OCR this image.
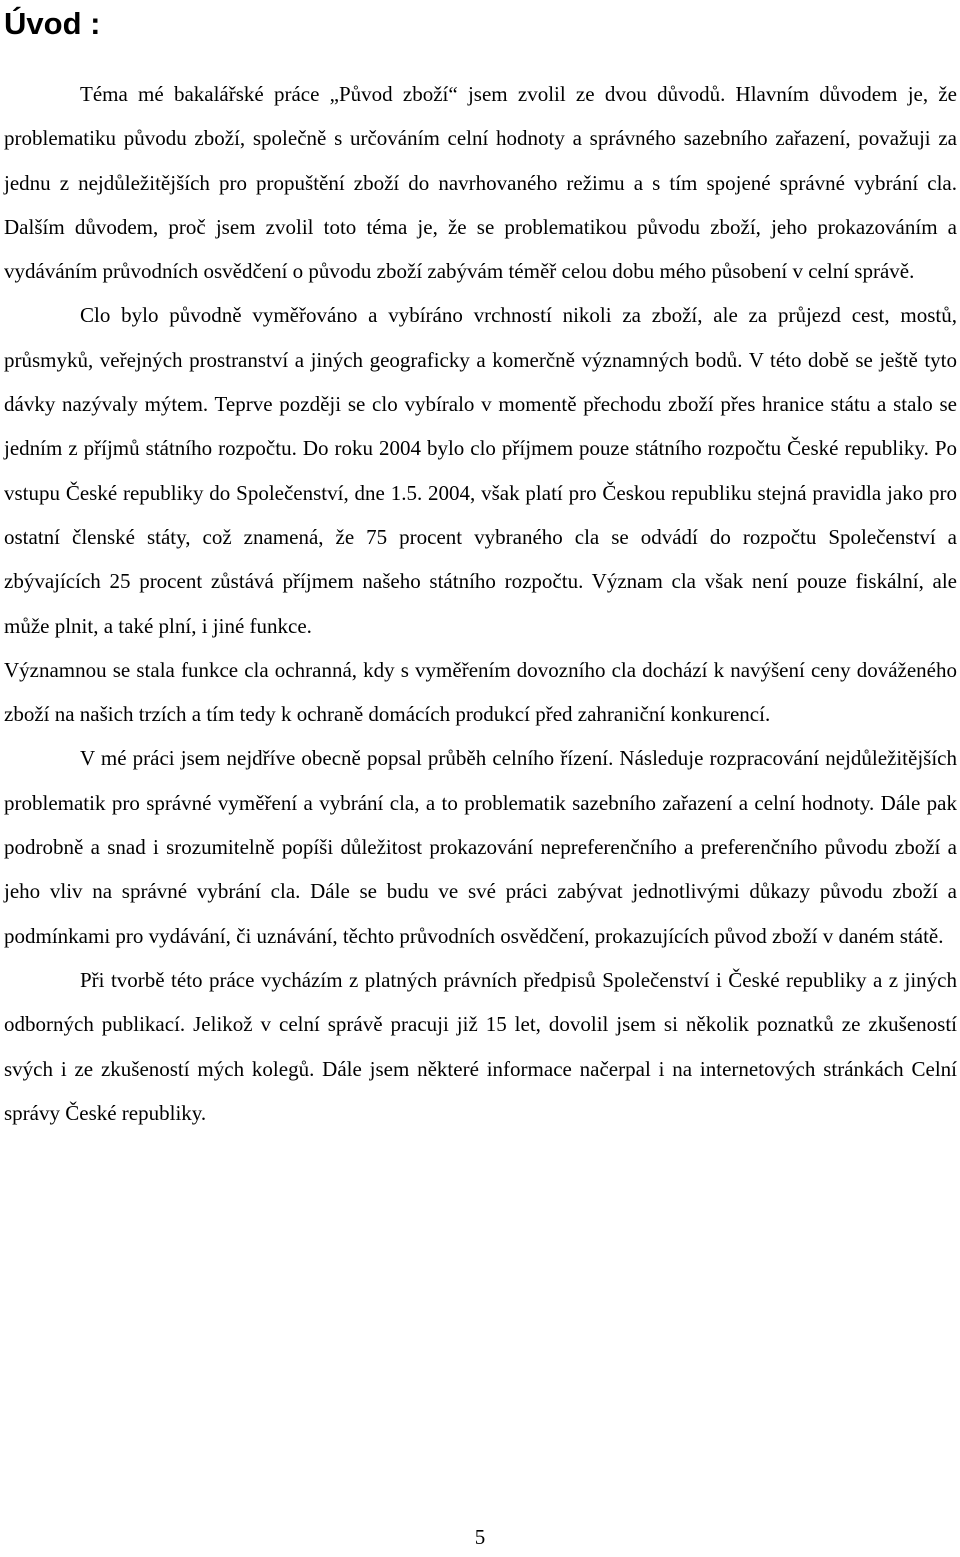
Úvod :

Téma mé bakalářské práce „Původ zboží“ jsem zvolil ze dvou důvodů. Hlavním důvodem je, že problematiku původu zboží, společně s určováním celní hodnoty a správného sazebního zařazení, považuji za jednu z nejdůležitějších pro propuštění zboží do navrhovaného režimu a s tím spojené správné vybrání cla. Dalším důvodem, proč jsem zvolil toto téma je, že se problematikou původu zboží, jeho prokazováním a vydáváním průvodních osvědčení o původu zboží zabývám téměř celou dobu mého působení v celní správě.

Clo bylo původně vyměřováno a vybíráno vrchností nikoli za zboží, ale za průjezd cest, mostů, průsmyků, veřejných prostranství a jiných geograficky a komerčně významných bodů. V této době se ještě tyto dávky nazývaly mýtem. Teprve později se clo vybíralo v momentě přechodu zboží přes hranice státu a stalo se jedním z příjmů státního rozpočtu. Do roku 2004 bylo clo příjmem pouze státního rozpočtu České republiky. Po vstupu České republiky do Společenství, dne 1.5. 2004, však platí pro Českou republiku stejná pravidla jako pro ostatní členské státy, což znamená, že 75 procent vybraného cla se odvádí do rozpočtu Společenství a zbývajících 25 procent zůstává příjmem našeho státního rozpočtu. Význam cla však není pouze fiskální, ale může plnit, a také plní, i jiné funkce.

Významnou se stala funkce cla ochranná, kdy s vyměřením dovozního cla dochází k navýšení ceny dováženého zboží na našich trzích a tím tedy k ochraně domácích produkcí před zahraniční konkurencí.

V mé práci jsem nejdříve obecně popsal průběh celního řízení. Následuje rozpracování nejdůležitějších problematik pro správné vyměření a vybrání cla, a to problematik sazebního zařazení a celní hodnoty. Dále pak podrobně a snad i srozumitelně popíši důležitost prokazování nepreferenčního a preferenčního původu zboží a jeho vliv na správné vybrání cla. Dále se budu ve své práci zabývat jednotlivými důkazy původu zboží a podmínkami pro vydávání, či uznávání, těchto průvodních osvědčení, prokazujících původ zboží v daném státě.

Při tvorbě této práce vycházím z platných právních předpisů Společenství i České republiky a z jiných odborných publikací. Jelikož v celní správě pracuji již 15 let, dovolil jsem si několik poznatků ze zkušeností svých i ze zkušeností mých kolegů. Dále jsem některé informace načerpal i na internetových stránkách Celní správy České republiky.

5
